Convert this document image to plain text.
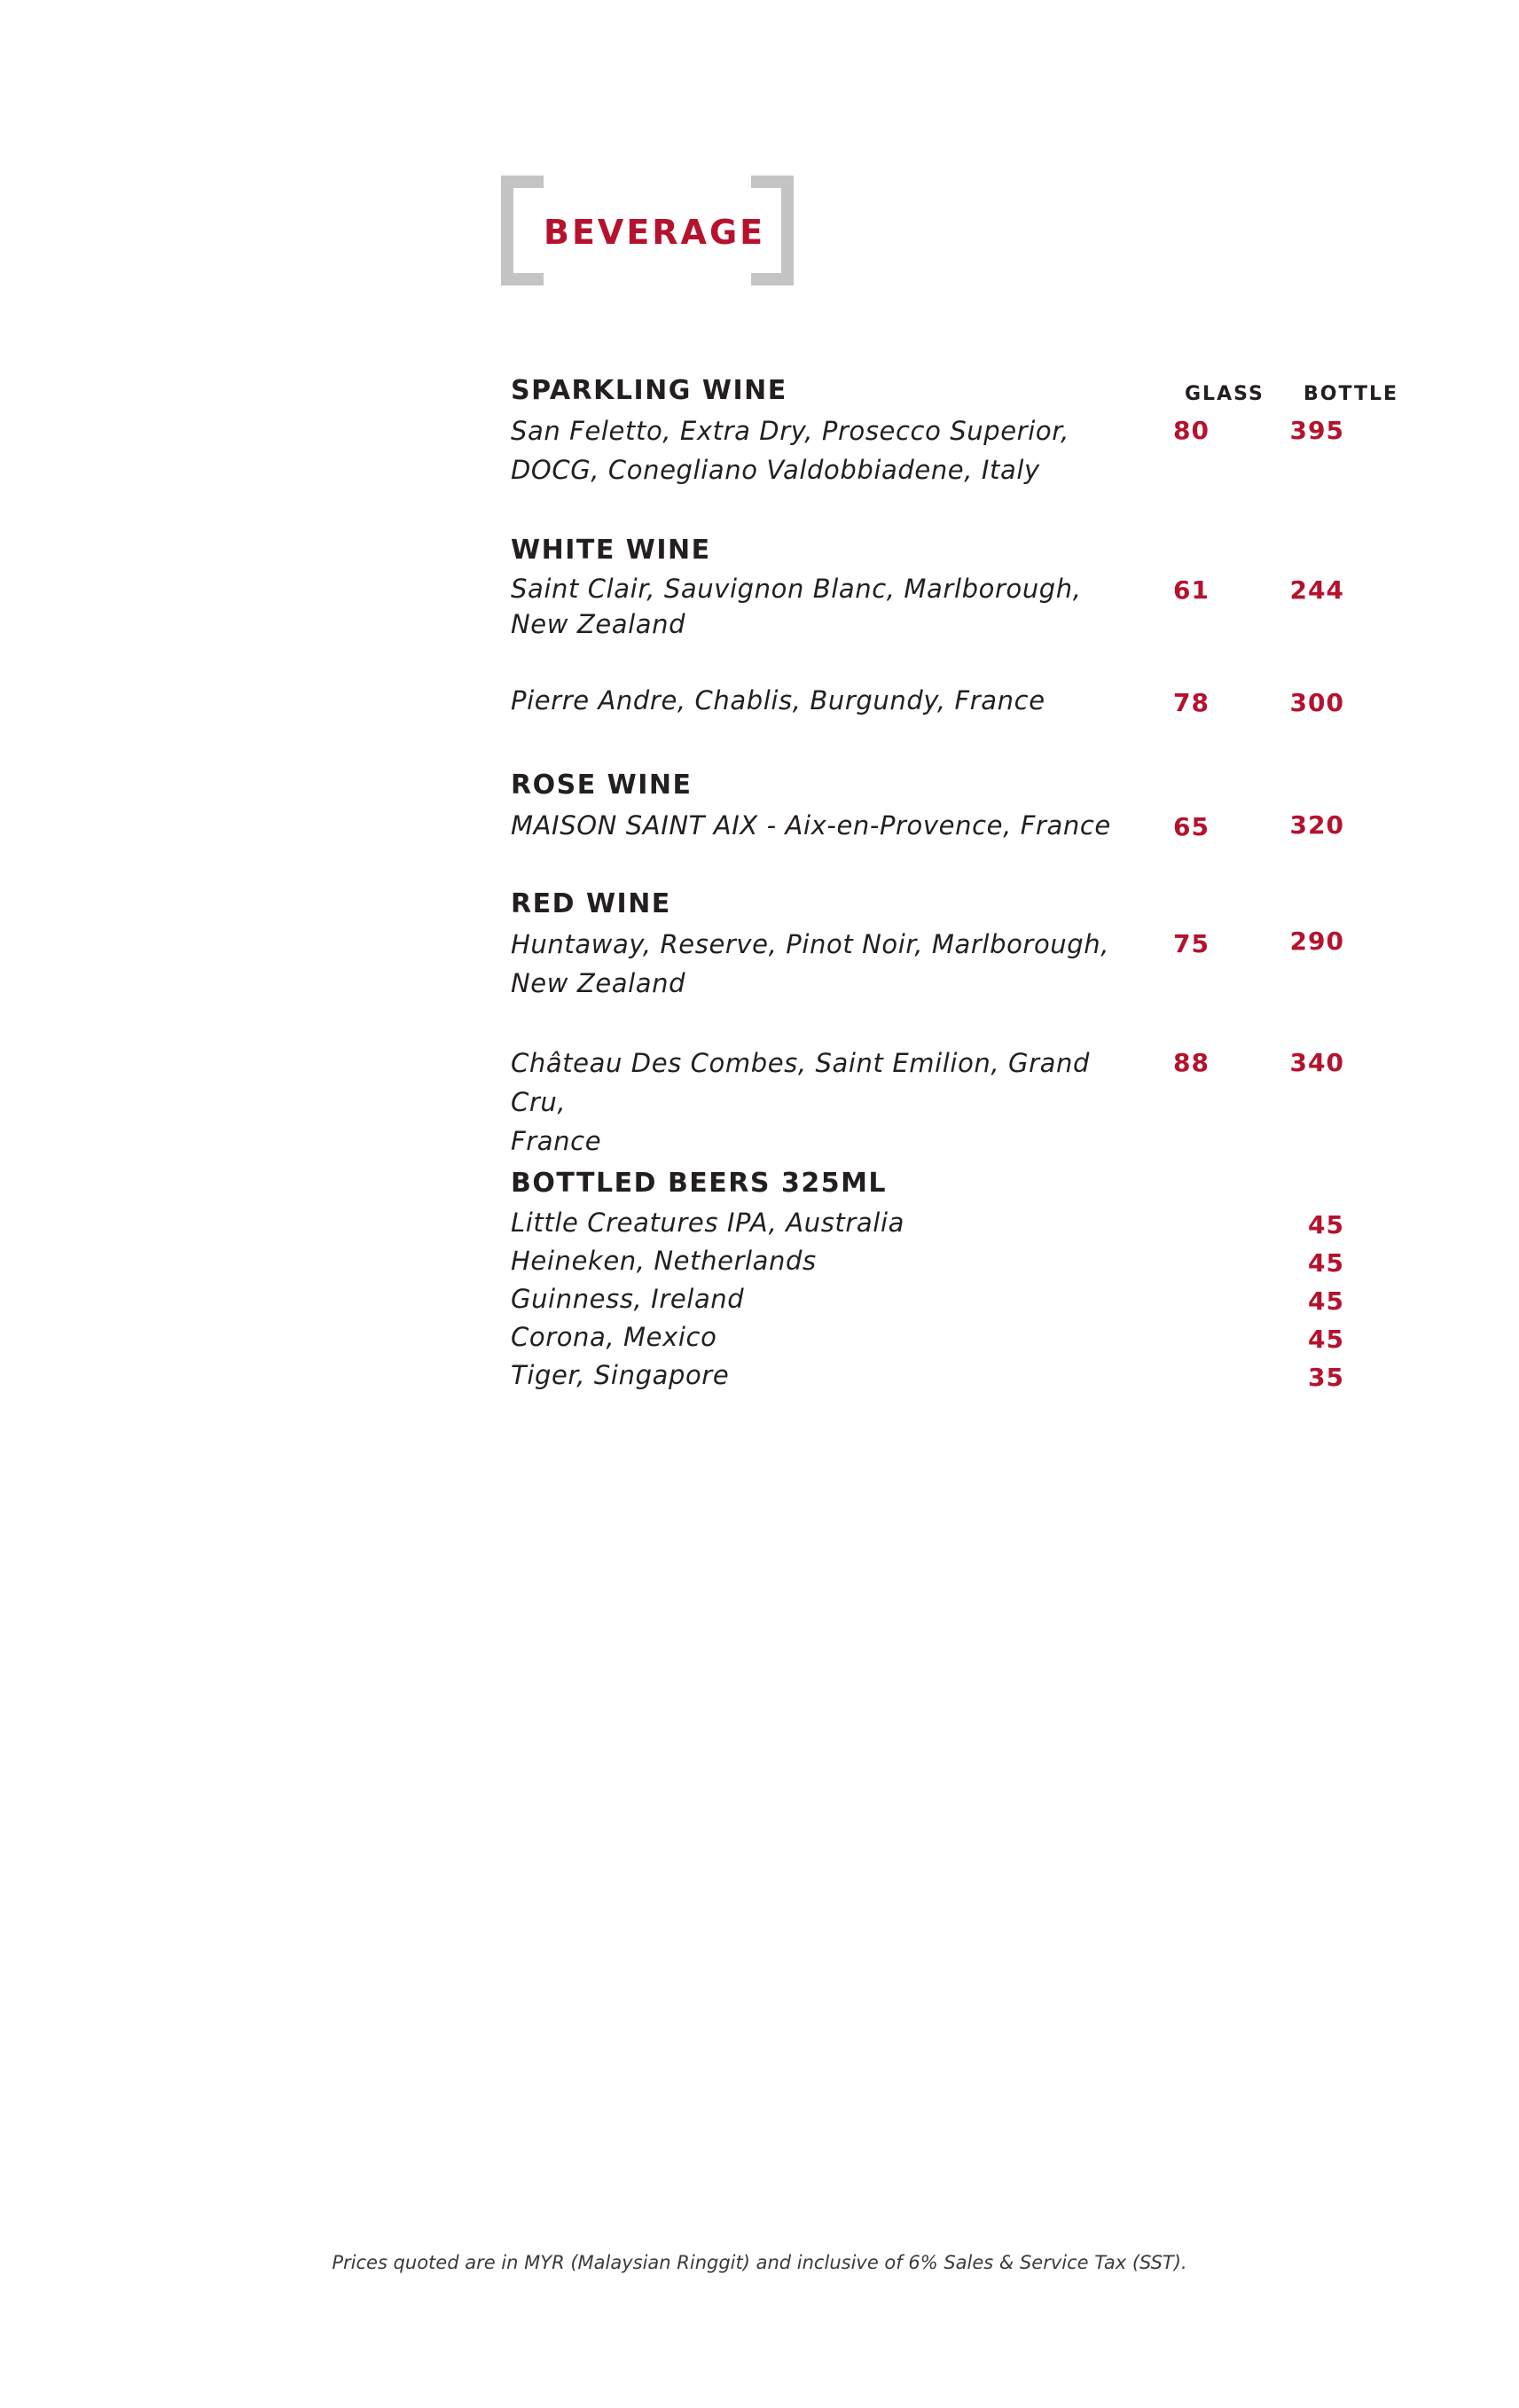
BEVERAGE
GLASS BOTTLE
SPARKLING WINE
San Feletto, Extra Dry, Prosecco Superior,
DOCG, Conegliano Valdobbiadene, Italy
80	395
WHITE WINE
Saint Clair, Sauvignon Blanc, Marlborough,
New Zealand
61	244
Pierre Andre, Chablis, Burgundy, France	78	300
ROSE WINE
MAISON SAINT AIX - Aix-en-Provence, France	65	320
RED WINE
Huntaway, Reserve, Pinot Noir, Marlborough,
New Zealand
75	290
Château Des Combes, Saint Emilion, Grand Cru,
France
88	340
BOTTLED BEERS 325ML
Little Creatures IPA, Australia	45
Heineken, Netherlands	45
Guinness, Ireland	45
Corona, Mexico	45
Tiger, Singapore	35
Prices quoted are in MYR (Malaysian Ringgit) and inclusive of 6% Sales & Service Tax (SST).
